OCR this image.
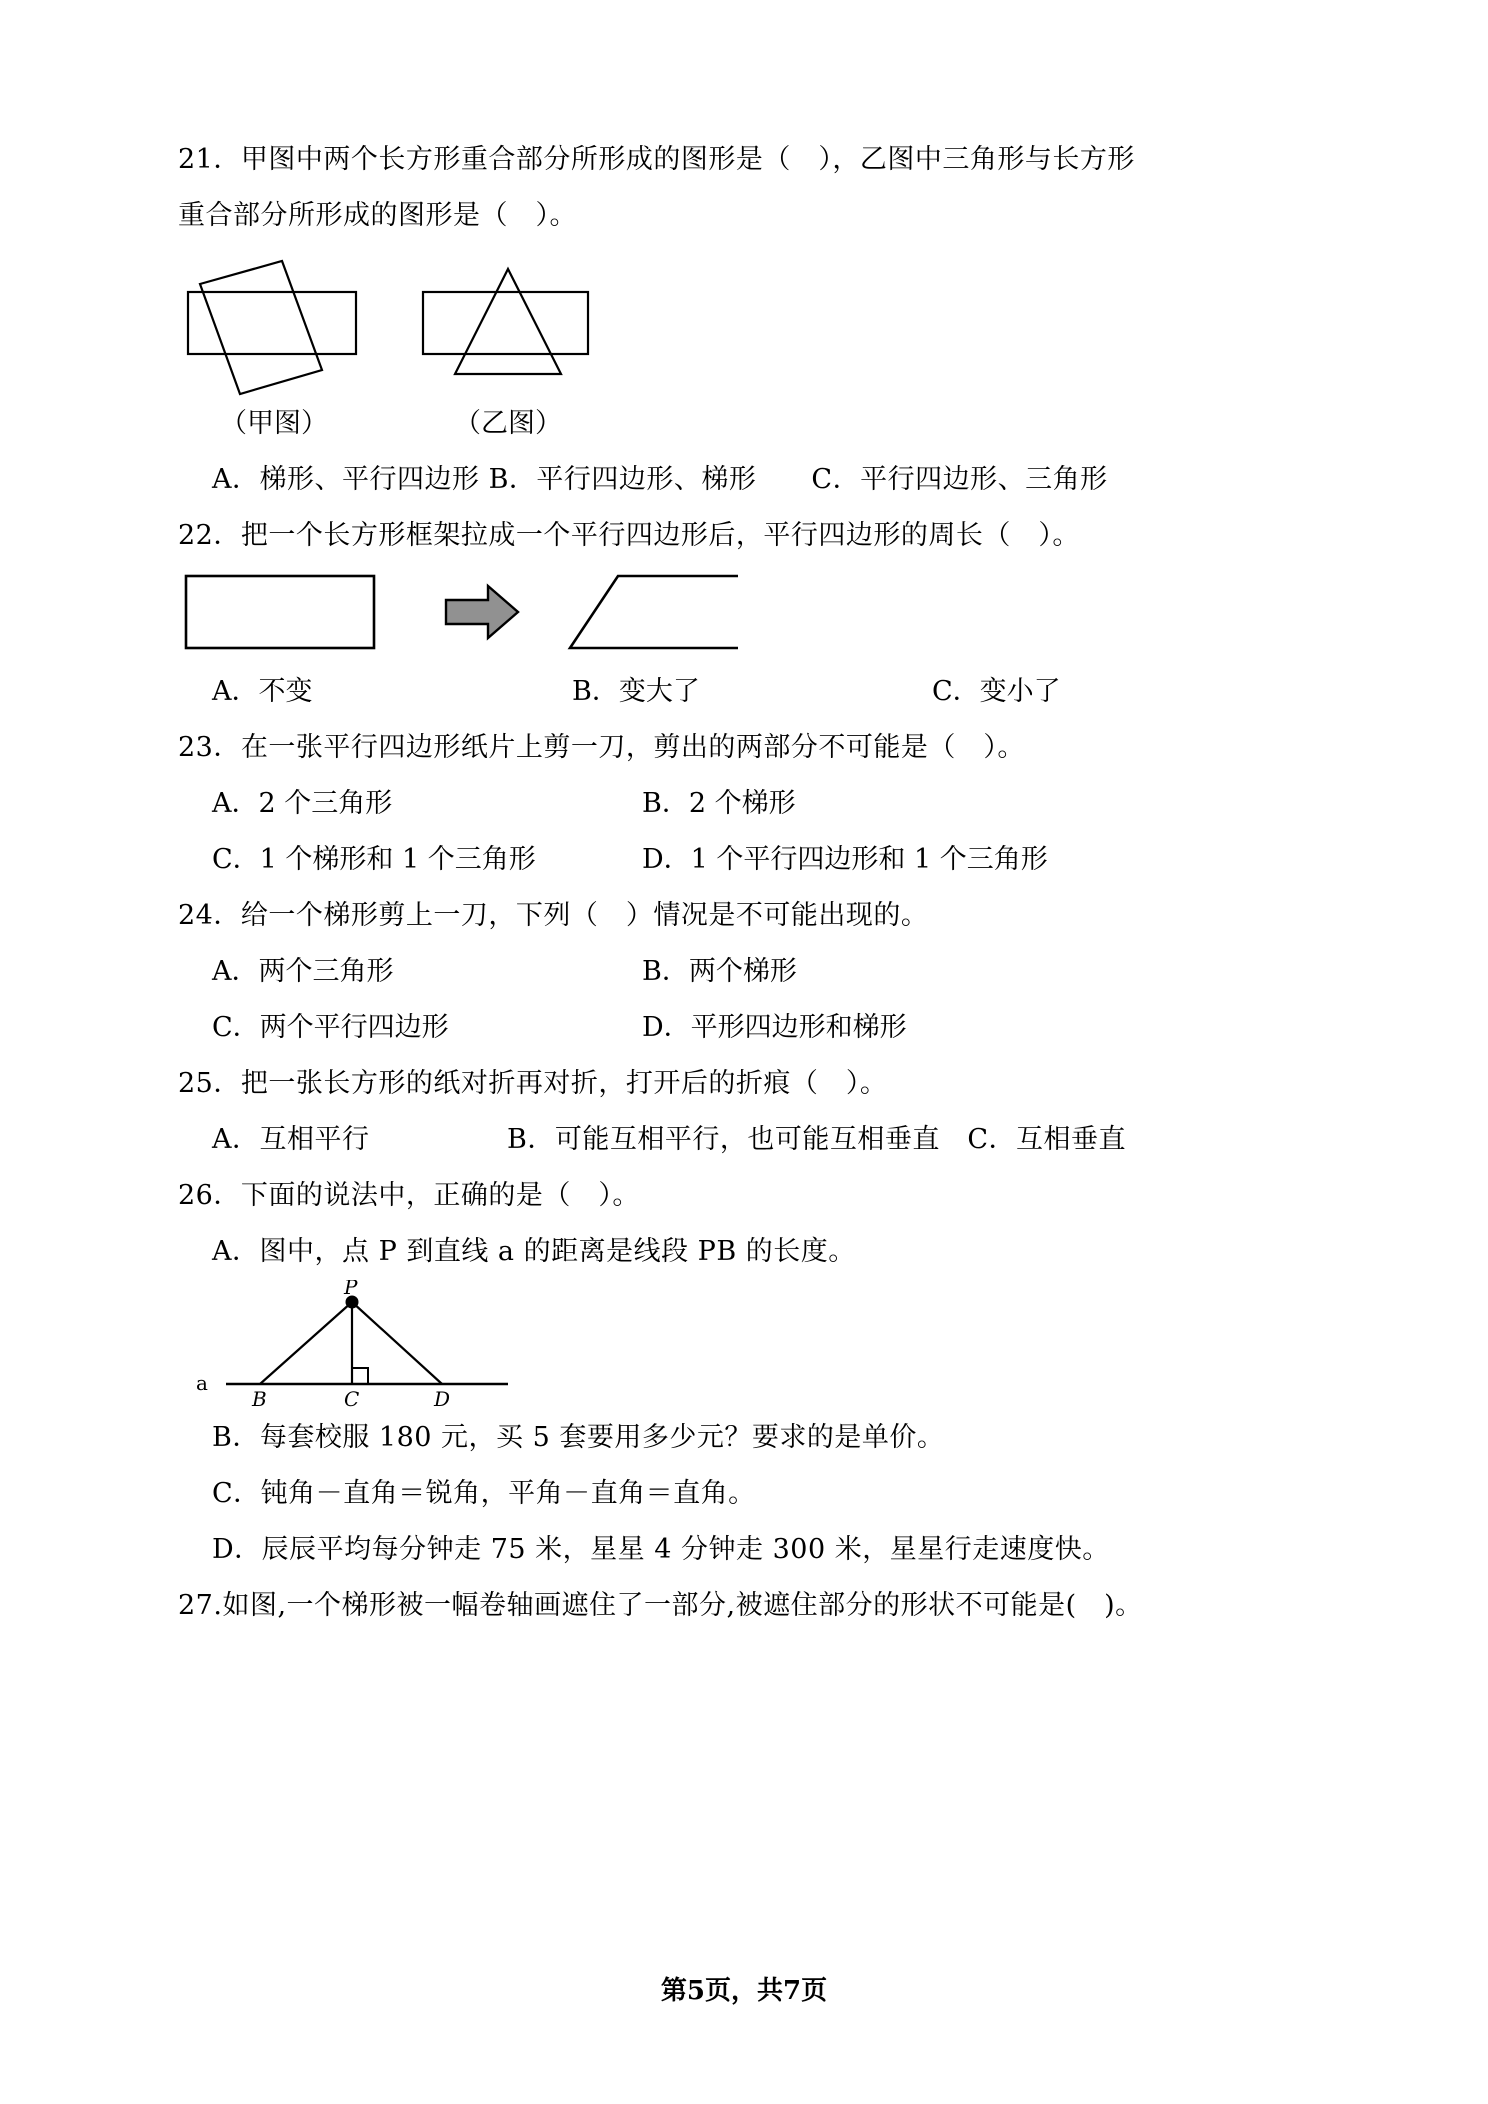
21．甲图中两个长方形重合部分所形成的图形是（　），乙图中三角形与长方形
重合部分所形成的图形是（　）。
（甲图）	（乙图）
A．梯形、平行四边形 B．平行四边形、梯形　　C．平行四边形、三角形
22．把一个长方形框架拉成一个平行四边形后，平行四边形的周长（　）。
A．不变	B．变大了	C．变小了
23．在一张平行四边形纸片上剪一刀，剪出的两部分不可能是（　）。
A．2 个三角形	B．2 个梯形
C．1 个梯形和 1 个三角形	D．1 个平行四边形和 1 个三角形
24．给一个梯形剪上一刀，下列（　）情况是不可能出现的。
A．两个三角形	B．两个梯形
C．两个平行四边形	D．平形四边形和梯形
25．把一张长方形的纸对折再对折，打开后的折痕（　）。
A．互相平行　　　　　B．可能互相平行，也可能互相垂直　C．互相垂直
26．下面的说法中，正确的是（　）。
A．图中，点 P 到直线 a 的距离是线段 PB 的长度。
a
P
B	C	D
B．每套校服 180 元，买 5 套要用多少元？要求的是单价。
C．钝角－直角＝锐角，平角－直角＝直角。
D．辰辰平均每分钟走 75 米，星星 4 分钟走 300 米，星星行走速度快。
27.如图,一个梯形被一幅卷轴画遮住了一部分,被遮住部分的形状不可能是(　)。
第5页，共7页
